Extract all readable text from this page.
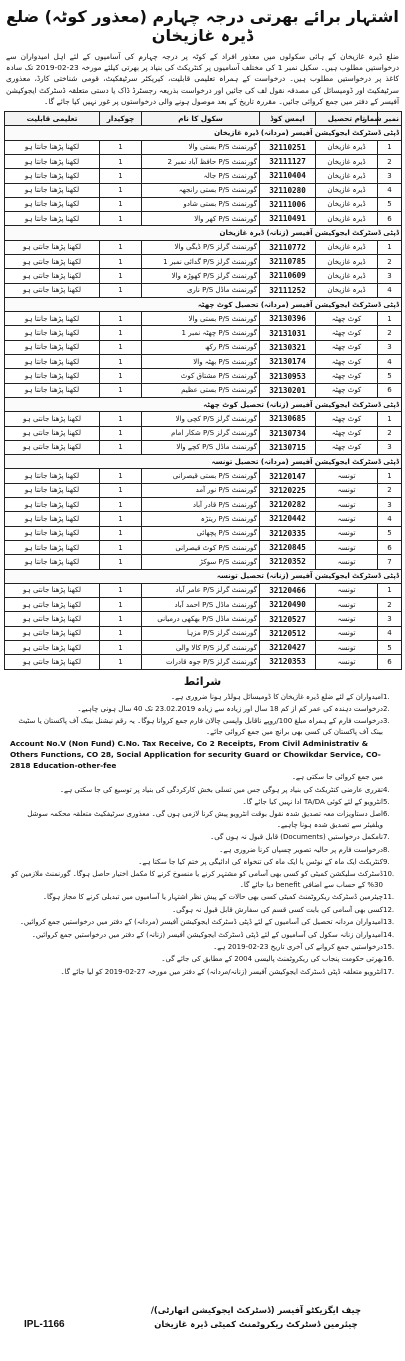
اشتہار برائے بھرتی درجہ چہارم (معذور کوٹہ) ضلع ڈیرہ غازیخان
ضلع ڈیرہ غازیخان کے ہائی سکولوں میں معذور افراد کے کوٹہ پر درجہ چہارم کی آسامیوں کے لئے اہل امیدواران سے درخواستیں مطلوب ہیں۔ سکیل نمبر 1 کی مختلف آسامیوں پر کنٹریکٹ کی بنیاد پر بھرتی کیلئے مورخہ 23-02-2019 تک سادہ کاغذ پر درخواستیں مطلوب ہیں۔ درخواست کے ہمراہ تعلیمی قابلیت، کیریکٹر سرٹیفکیٹ، قومی شناختی کارڈ، معذوری سرٹیفکیٹ اور ڈومیسائل کی مصدقہ نقول لف کی جائیں اور درخواست بذریعہ رجسٹرڈ ڈاک یا دستی متعلقہ ڈسٹرکٹ ایجوکیشن آفیسر کے دفتر میں جمع کروائی جائیں۔ مقررہ تاریخ کے بعد موصول ہونے والی درخواستوں پر غور نہیں کیا جائے گا۔
نمبر شمار	نام تحصیل	ایمس کوڈ	سکول کا نام	چوکیدار	تعلیمی قابلیت
ڈپٹی ڈسٹرکٹ ایجوکیشن آفیسر (مردانہ) ڈیرہ غازیخان					
1	ڈیرہ غازیخان	32110251	گورنمنٹ P/S بستی والا	1	لکھنا پڑھنا جانتا ہو
2	ڈیرہ غازیخان	32111127	گورنمنٹ P/S حافظ آباد نمبر 2	1	لکھنا پڑھنا جانتا ہو
3	ڈیرہ غازیخان	32110404	گورنمنٹ P/S جالہ	1	لکھنا پڑھنا جانتا ہو
4	ڈیرہ غازیخان	32110280	گورنمنٹ P/S بستی رانجھہ	1	لکھنا پڑھنا جانتا ہو
5	ڈیرہ غازیخان	32111006	گورنمنٹ P/S بستی شادو	1	لکھنا پڑھنا جانتا ہو
6	ڈیرہ غازیخان	32110491	گورنمنٹ P/S کھر والا	1	لکھنا پڑھنا جانتا ہو
ڈپٹی ڈسٹرکٹ ایجوکیشن آفیسر (زنانہ) ڈیرہ غازیخان					
1	ڈیرہ غازیخان	32110772	گورنمنٹ گرلز P/S ڈیگی والا	1	لکھنا پڑھنا جانتی ہو
2	ڈیرہ غازیخان	32110785	گورنمنٹ گرلز P/S گدائی نمبر 1	1	لکھنا پڑھنا جانتی ہو
3	ڈیرہ غازیخان	32110609	گورنمنٹ گرلز P/S کھوڑہ والا	1	لکھنا پڑھنا جانتی ہو
4	ڈیرہ غازیخان	32111252	گورنمنٹ ماڈل P/S ناری	1	لکھنا پڑھنا جانتی ہو
ڈپٹی ڈسٹرکٹ ایجوکیشن آفیسر (مردانہ) تحصیل کوٹ چھٹہ					
1	کوٹ چھٹہ	32130396	گورنمنٹ P/S بستی والا	1	لکھنا پڑھنا جانتا ہو
2	کوٹ چھٹہ	32131031	گورنمنٹ P/S چھٹہ نمبر 1	1	لکھنا پڑھنا جانتا ہو
3	کوٹ چھٹہ	32130321	گورنمنٹ P/S رکھ	1	لکھنا پڑھنا جانتا ہو
4	کوٹ چھٹہ	32130174	گورنمنٹ P/S بھٹہ والا	1	لکھنا پڑھنا جانتا ہو
5	کوٹ چھٹہ	32130953	گورنمنٹ P/S مشتاق کوٹ	1	لکھنا پڑھنا جانتا ہو
6	کوٹ چھٹہ	32130201	گورنمنٹ P/S بستی عظیم	1	لکھنا پڑھنا جانتا ہو
ڈپٹی ڈسٹرکٹ ایجوکیشن آفیسر (زنانہ) تحصیل کوٹ چھٹہ					
1	کوٹ چھٹہ	32130685	گورنمنٹ گرلز P/S کچی والا	1	لکھنا پڑھنا جانتی ہو
2	کوٹ چھٹہ	32130734	گورنمنٹ گرلز P/S شکار امام	1	لکھنا پڑھنا جانتی ہو
3	کوٹ چھٹہ	32130715	گورنمنٹ ماڈل P/S کچے والا	1	لکھنا پڑھنا جانتی ہو
ڈپٹی ڈسٹرکٹ ایجوکیشن آفیسر (مردانہ) تحصیل تونسہ					
1	تونسہ	32120147	گورنمنٹ P/S بستی قیصرانی	1	لکھنا پڑھنا جانتا ہو
2	تونسہ	32120225	گورنمنٹ P/S نور آمد	1	لکھنا پڑھنا جانتا ہو
3	تونسہ	32120282	گورنمنٹ P/S قادر آباد	1	لکھنا پڑھنا جانتا ہو
4	تونسہ	32120442	گورنمنٹ P/S ریتڑہ	1	لکھنا پڑھنا جانتا ہو
5	تونسہ	32120335	گورنمنٹ P/S پچھائی	1	لکھنا پڑھنا جانتا ہو
6	تونسہ	32120845	گورنمنٹ P/S کوٹ قیصرانی	1	لکھنا پڑھنا جانتا ہو
7	تونسہ	32120352	گورنمنٹ P/S سوکڑ	1	لکھنا پڑھنا جانتا ہو
ڈپٹی ڈسٹرکٹ ایجوکیشن آفیسر (زنانہ) تحصیل تونسہ					
1	تونسہ	32120466	گورنمنٹ گرلز P/S عامر آباد	1	لکھنا پڑھنا جانتی ہو
2	تونسہ	32120490	گورنمنٹ ماڈل P/S احمد آباد	1	لکھنا پڑھنا جانتی ہو
3	تونسہ	32120527	گورنمنٹ ماڈل P/S بھکھی درمیانی	1	لکھنا پڑھنا جانتی ہو
4	تونسہ	32120512	گورنمنٹ گرلز P/S مزہا	1	لکھنا پڑھنا جانتی ہو
5	تونسہ	32120427	گورنمنٹ گرلز P/S کالا والی	1	لکھنا پڑھنا جانتی ہو
6	تونسہ	32120353	گورنمنٹ گرلز P/S جوہ قادرات	1	لکھنا پڑھنا جانتی ہو
شرائط
1.
امیدواران کے لئے ضلع ڈیرہ غازیخان کا ڈومیسائل ہولڈر ہونا ضروری ہے۔
2.
درخواست دہندہ کی عمر کم از کم 18 سال اور زیادہ سے زیادہ 23.02.2019 تک 40 سال ہونی چاہیے۔
3.
درخواست فارم کے ہمراہ مبلغ 100/روپے ناقابل واپسی چالان فارم جمع کروانا ہوگا۔ یہ رقم نیشنل بینک آف پاکستان یا سٹیٹ بینک آف پاکستان کی کسی بھی برانچ میں جمع کروائی جائے۔
Account No.V (Non Fund) C.No. Tax Receive, Co 2 Receipts, From Civil Administrativ & Others Functions, CO 28, Social Application for security Guard or Chowikdar Service, CO-2818 Education-other-fee
میں جمع کروائی جا سکتی ہے۔
4.
تقرری عارضی کنٹریکٹ کی بنیاد پر ہوگی جس میں تسلی بخش کارکردگی کی بنیاد پر توسیع کی جا سکتی ہے۔
5.
انٹرویو کے لئے کوئی TA/DA ادا نہیں کیا جائے گا۔
6.
اصل دستاویزات معہ تصدیق شدہ نقول بوقت انٹرویو پیش کرنا لازمی ہوں گی۔ معذوری سرٹیفکیٹ متعلقہ محکمہ سوشل ویلفیئر سے تصدیق شدہ ہونا چاہیے۔
7.
نامکمل درخواستیں (Documents) قابل قبول نہ ہوں گی۔
8.
درخواست فارم پر حالیہ تصویر چسپاں کرنا ضروری ہے۔
9.
کنٹریکٹ ایک ماہ کے نوٹس یا ایک ماہ کی تنخواہ کی ادائیگی پر ختم کیا جا سکتا ہے۔
10.
ڈسٹرکٹ سلیکشن کمیٹی کو کسی بھی آسامی کو مشتہر کرنے یا منسوخ کرنے کا مکمل اختیار حاصل ہوگا۔ گورنمنٹ ملازمین کو 30% کے حساب سے اضافی benefit دیا جائے گا۔
11.
چیئرمین ڈسٹرکٹ ریکروٹمنٹ کمیٹی کسی بھی حالات کے پیش نظر اشتہار یا آسامیوں میں تبدیلی کرنے کا مجاز ہوگا۔
12.
کسی بھی آسامی کی بابت کسی قسم کی سفارش قابل قبول نہ ہوگی۔
13.
امیدواران مردانہ تحصیل کی آسامیوں کے لئے ڈپٹی ڈسٹرکٹ ایجوکیشن آفیسر (مردانہ) کے دفتر میں درخواستیں جمع کروائیں۔
14.
امیدواران زنانہ سکول کی آسامیوں کے لئے ڈپٹی ڈسٹرکٹ ایجوکیشن آفیسر (زنانہ) کے دفتر میں درخواستیں جمع کروائیں۔
15.
درخواستیں جمع کروانے کی آخری تاریخ 23-02-2019 ہے۔
16.
بھرتی حکومت پنجاب کی ریکروٹمنٹ پالیسی 2004 کے مطابق کی جائے گی۔
17.
انٹرویو متعلقہ ڈپٹی ڈسٹرکٹ ایجوکیشن آفیسر (زنانہ/مردانہ) کے دفتر میں مورخہ 27-02-2019 کو لیا جائے گا۔
چیف ایگزیکٹو آفیسر (ڈسٹرکٹ ایجوکیشن اتھارٹی)/
چیئرمین ڈسٹرکٹ ریکروٹمنٹ کمیٹی ڈیرہ غازیخان
IPL-1166
